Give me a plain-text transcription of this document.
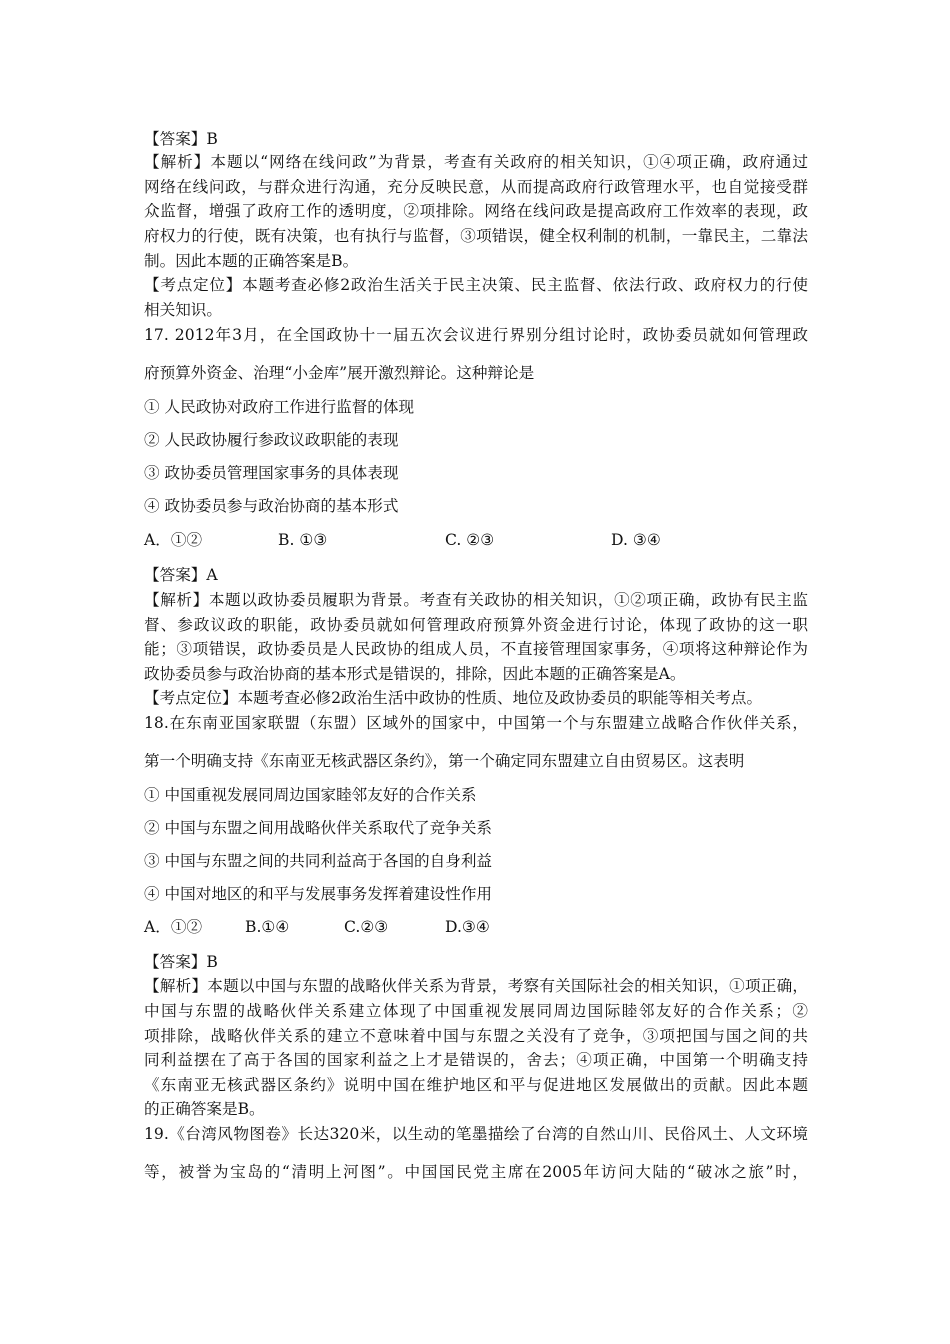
【答案】B
【解析】本题以“网络在线问政”为背景，考查有关政府的相关知识，①④项正确，政府通过
网络在线问政，与群众进行沟通，充分反映民意，从而提高政府行政管理水平，也自觉接受群
众监督，增强了政府工作的透明度，②项排除。网络在线问政是提高政府工作效率的表现，政
府权力的行使，既有决策，也有执行与监督，③项错误，健全权利制的机制，一靠民主，二靠法
制。因此本题的正确答案是B。
【考点定位】本题考查必修2政治生活关于民主决策、民主监督、依法行政、政府权力的行使
相关知识。
17. 2012年3月，在全国政协十一届五次会议进行界别分组讨论时，政协委员就如何管理政
府预算外资金、治理“小金库”展开激烈辩论。这种辩论是
① 人民政协对政府工作进行监督的体现
② 人民政协履行参政议政职能的表现
③ 政协委员管理国家事务的具体表现
④ 政协委员参与政治协商的基本形式
【答案】A
【解析】本题以政协委员履职为背景。考查有关政协的相关知识，①②项正确，政协有民主监
督、参政议政的职能，政协委员就如何管理政府预算外资金进行讨论，体现了政协的这一职
能；③项错误，政协委员是人民政协的组成人员，不直接管理国家事务，④项将这种辩论作为
政协委员参与政治协商的基本形式是错误的，排除，因此本题的正确答案是A。
【考点定位】本题考查必修2政治生活中政协的性质、地位及政协委员的职能等相关考点。
18.在东南亚国家联盟（东盟）区域外的国家中，中国第一个与东盟建立战略合作伙伴关系，
第一个明确支持《东南亚无核武器区条约》，第一个确定同东盟建立自由贸易区。这表明
① 中国重视发展同周边国家睦邻友好的合作关系
② 中国与东盟之间用战略伙伴关系取代了竞争关系
③ 中国与东盟之间的共同利益高于各国的自身利益
④ 中国对地区的和平与发展事务发挥着建设性作用
【答案】B
【解析】本题以中国与东盟的战略伙伴关系为背景，考察有关国际社会的相关知识，①项正确，
中国与东盟的战略伙伴关系建立体现了中国重视发展同周边国际睦邻友好的合作关系；②
项排除，战略伙伴关系的建立不意味着中国与东盟之关没有了竞争，③项把国与国之间的共
同利益摆在了高于各国的国家利益之上才是错误的，舍去；④项正确，中国第一个明确支持
《东南亚无核武器区条约》说明中国在维护地区和平与促进地区发展做出的贡献。因此本题
的正确答案是B。
19.《台湾风物图卷》长达320米，以生动的笔墨描绘了台湾的自然山川、民俗风土、人文环境
等，被誉为宝岛的“清明上河图”。中国国民党主席在2005年访问大陆的“破冰之旅”时，
A．①②	B. ①③	C. ②③	D. ③④
A．①②	B.①④	C.②③	D.③④
